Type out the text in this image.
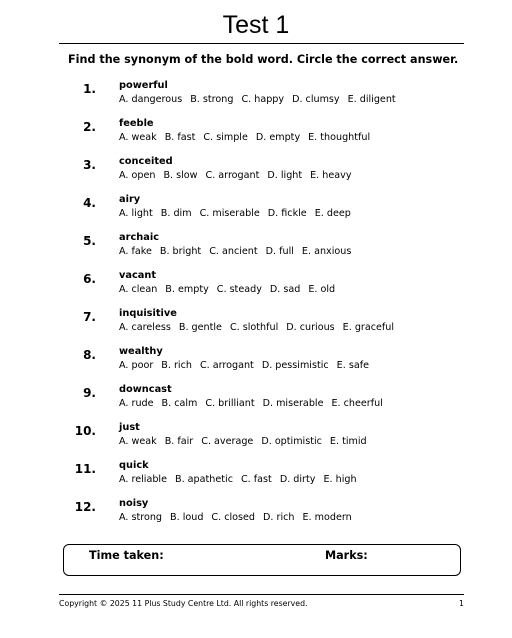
Test 1
Find the synonym of the bold word. Circle the correct answer.
1. powerful
A. dangerous B. strong C. happy D. clumsy E. diligent
2. feeble
A. weak B. fast C. simple D. empty E. thoughtful
3. conceited
A. open B. slow C. arrogant D. light E. heavy
4. airy
A. light B. dim C. miserable D. fickle E. deep
5. archaic
A. fake B. bright C. ancient D. full E. anxious
6. vacant
A. clean B. empty C. steady D. sad E. old
7. inquisitive
A. careless B. gentle C. slothful D. curious E. graceful
8. wealthy
A. poor B. rich C. arrogant D. pessimistic E. safe
9. downcast
A. rude B. calm C. brilliant D. miserable E. cheerful
10. just
A. weak B. fair C. average D. optimistic E. timid
11. quick
A. reliable B. apathetic C. fast D. dirty E. high
12. noisy
A. strong B. loud C. closed D. rich E. modern
Time taken:	Marks:
Copyright © 2025 11 Plus Study Centre Ltd. All rights reserved.	1
